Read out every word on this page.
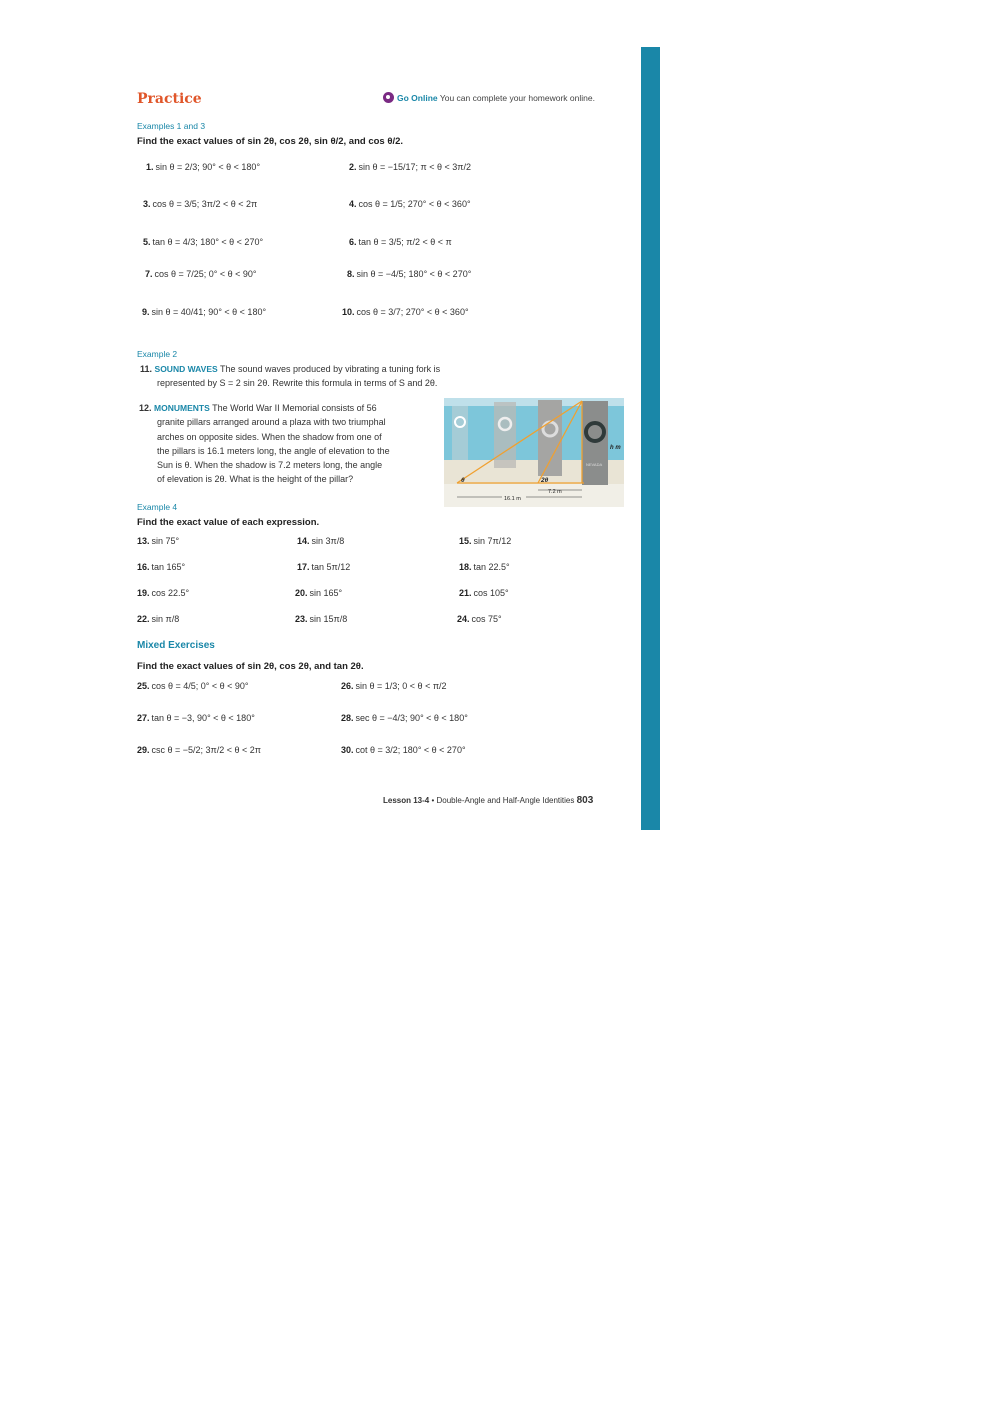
Practice	Go Online You can complete your homework online.
Examples 1 and 3
Find the exact values of sin 2θ, cos 2θ, sin θ/2, and cos θ/2.
1. sin θ = 2/3; 90° < θ < 180°	2. sin θ = −15/17; π < θ < 3π/2
3. cos θ = 3/5; 3π/2 < θ < 2π	4. cos θ = 1/5; 270° < θ < 360°
5. tan θ = 4/3; 180° < θ < 270°	6. tan θ = 3/5; π/2 < θ < π
7. cos θ = 7/25; 0° < θ < 90°	8. sin θ = −4/5; 180° < θ < 270°
9. sin θ = 40/41; 90° < θ < 180°	10. cos θ = 3/7; 270° < θ < 360°
Example 2
11. SOUND WAVES The sound waves produced by vibrating a tuning fork is
represented by S = 2 sin 2θ. Rewrite this formula in terms of S and 2θ.
12. MONUMENTS The World War II Memorial consists of 56

granite pillars arranged around a plaza with two triumphal
arches on opposite sides. When the shadow from one of
the pillars is 16.1 meters long, the angle of elevation to the
Sun is θ. When the shadow is 7.2 meters long, the angle
of elevation is 2θ. What is the height of the pillar?
h m
NEVADA
θ	2θ
7.2 m
16.1 m
Example 4
Find the exact value of each expression.
13. sin 75°	14. sin 3π/8	15. sin 7π/12
16. tan 165°	17. tan 5π/12	18. tan 22.5°
19. cos 22.5°	20. sin 165°	21. cos 105°
22. sin π/8	23. sin 15π/8	24. cos 75°
Mixed Exercises
Find the exact values of sin 2θ, cos 2θ, and tan 2θ.
25. cos θ = 4/5; 0° < θ < 90°	26. sin θ = 1/3; 0 < θ < π/2
27. tan θ = −3, 90° < θ < 180°	28. sec θ = −4/3; 90° < θ < 180°
29. csc θ = −5/2; 3π/2 < θ < 2π	30. cot θ = 3/2; 180° < θ < 270°
Lesson 13-4 • Double-Angle and Half-Angle Identities 803
